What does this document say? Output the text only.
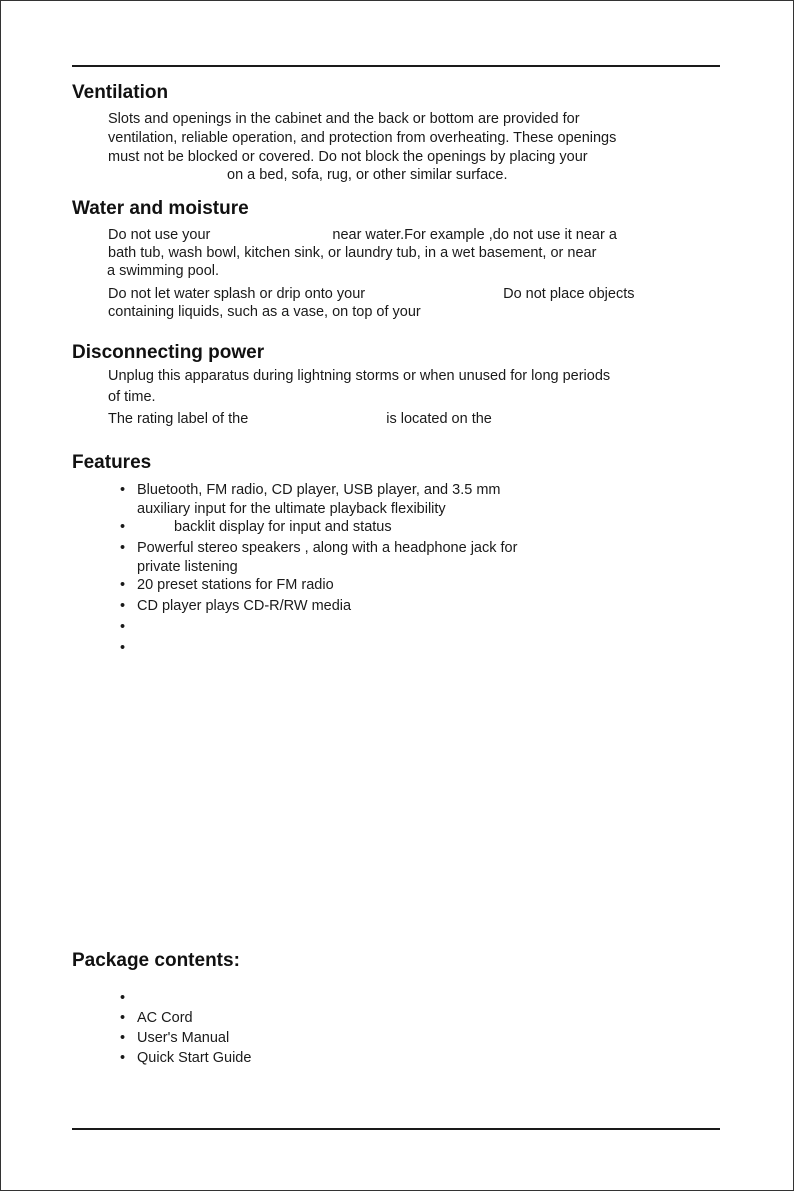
Ventilation

Slots and openings in the cabinet and the back or bottom are provided for

ventilation, reliable operation, and protection from overheating. These openings

must not be blocked or covered. Do not block the openings by placing your

on a bed, sofa, rug, or other similar surface.

Water and moisture

Do not use your	near water.For example ,do not use it near a

bath tub, wash bowl, kitchen sink, or laundry tub, in a wet basement, or near

a swimming pool.

Do not let water splash or drip onto your	Do not place objects

containing liquids, such as a vase, on top of your

Disconnecting power

Unplug this apparatus during lightning storms or when unused for long periods

of time.

The rating label of the	is located on the

Features
• Bluetooth, FM radio, CD player, USB player, and 3.5 mm
auxiliary input for the ultimate playback flexibility
•	backlit display for input and status
• Powerful stereo speakers , along with a headphone jack for
private listening
• 20 preset stations for FM radio
• CD player plays CD-R/RW media
•
•
Package contents:
•
• AC Cord
• User's Manual
• Quick Start Guide
